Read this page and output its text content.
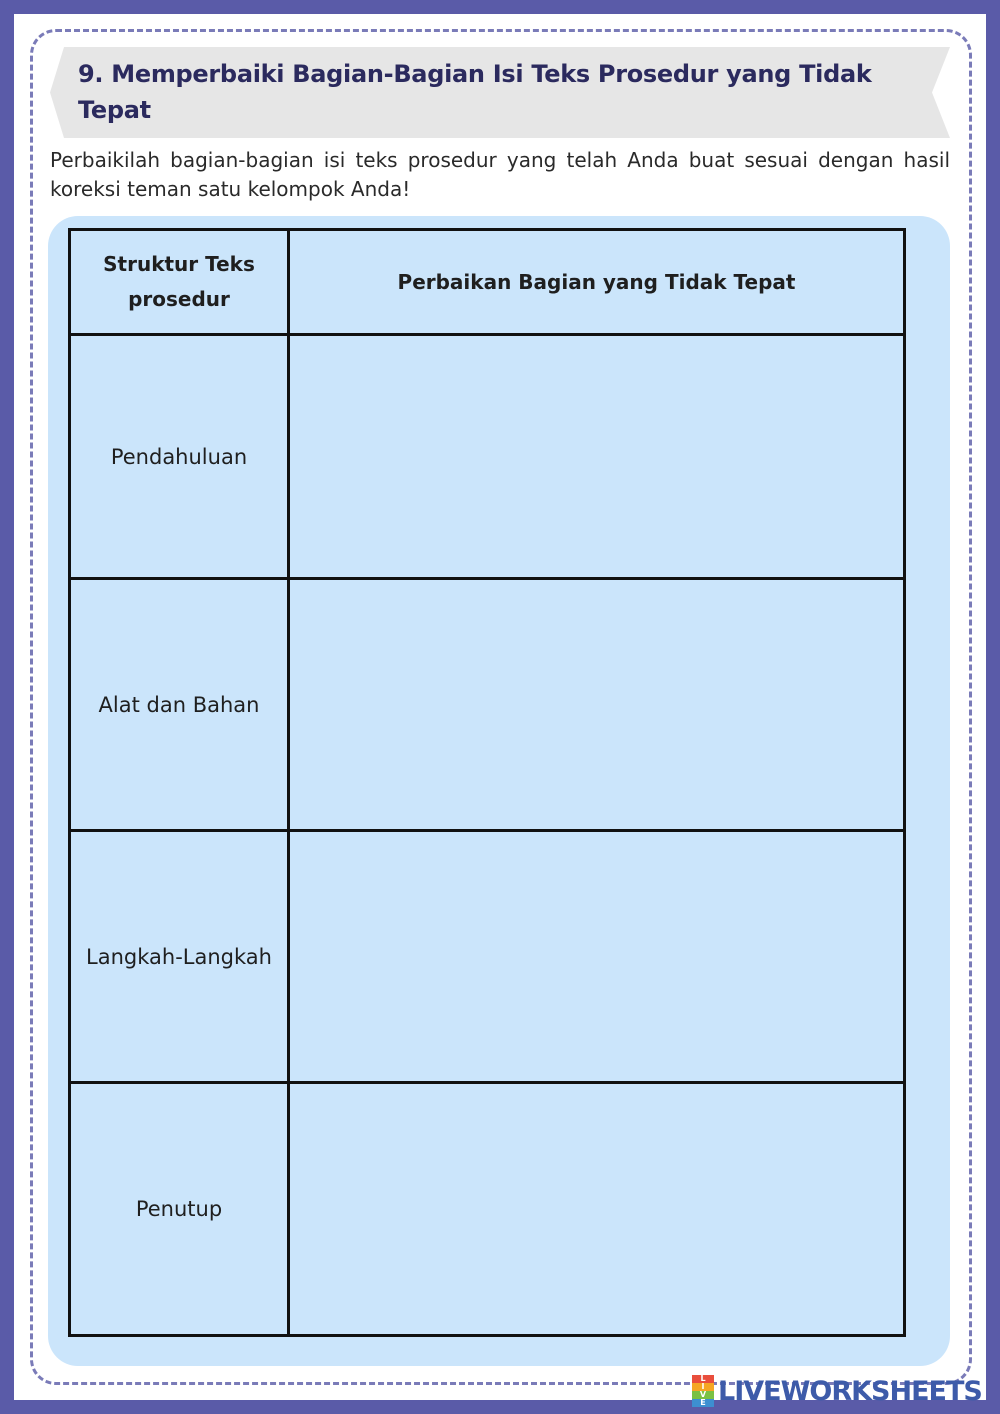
9. Memperbaiki Bagian-Bagian Isi Teks Prosedur yang Tidak Tepat
Perbaikilah bagian-bagian isi teks prosedur yang telah Anda buat sesuai dengan hasil koreksi teman satu kelompok Anda!
Struktur Teks prosedur	Perbaikan Bagian yang Tidak Tepat
Pendahuluan	
Alat dan Bahan	
Langkah-Langkah	
Penutup	
L
I
V
E LIVEWORKSHEETS
